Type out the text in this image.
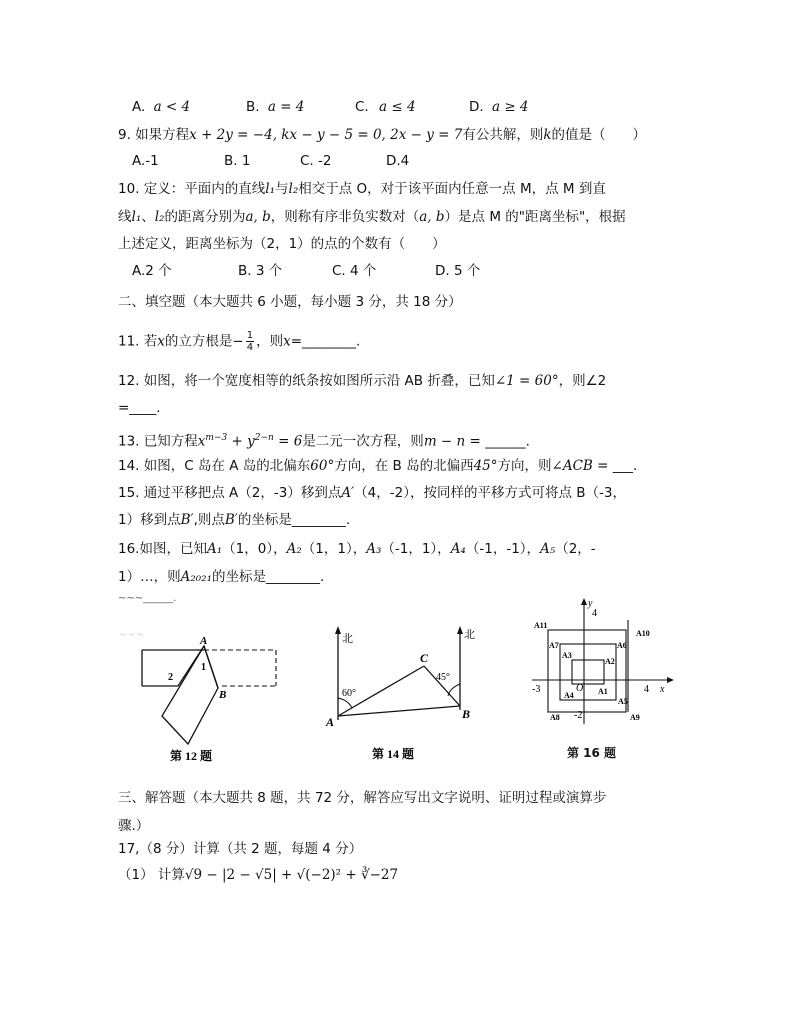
A. a < 4	B. a = 4	C. a ≤ 4	D. a ≥ 4
9. 如果方程x + 2y = −4, kx − y − 5 = 0, 2x − y = 7有公共解，则k的值是（　　）
A.-1	B. 1	C. -2	D.4
10. 定义：平面内的直线l₁与l₂相交于点 O，对于该平面内任意一点 M，点 M 到直
线l₁、l₂的距离分别为a, b，则称有序非负实数对（a, b）是点 M 的"距离坐标"，根据
上述定义，距离坐标为（2，1）的点的个数有（　　）
A.2 个	B. 3 个	C. 4 个	D. 5 个
二、填空题（本大题共 6 小题，每小题 3 分，共 18 分）
11. 若x的立方根是− $\frac{1}{4}$ ，则x=________.
12. 如图，将一个宽度相等的纸条按如图所示沿 AB 折叠，已知∠1 = 60°，则∠2
=____.
13. 已知方程$x^{m-3} + y^{2-n} = 6$是二元一次方程，则m − n = ______.
14. 如图，C 岛在 A 岛的北偏东60°方向，在 B 岛的北偏西45°方向，则∠ACB = ___.
15. 通过平移把点 A（2，-3）移到点A′（4，-2），按同样的平移方式可将点 B（-3，
1）移到点B′,则点B′的坐标是________.
16.如图，已知A₁（1，0），A₂（1，1），A₃（-1，1），A₄（-1，-1），A₅（2，-
1）…，则A₂₀₂₁的坐标是________.
~~~______.
~ ~ ~	A
1
2
B
第 12 题
北	北
60°
45°
A
B
C
第 14 题
y
x
4
-3	4
-2
O
A11
A10
A7	A6
A3
A2
A4	A1
A8
A5
A9
第 16 题
三、解答题（本大题共 8 题，共 72 分，解答应写出文字说明、证明过程或演算步
骤.）
17,（8 分）计算（共 2 题，每题 4 分）
（1） 计算√9 − |2 − √5| + √(−2)² + ∛−27
